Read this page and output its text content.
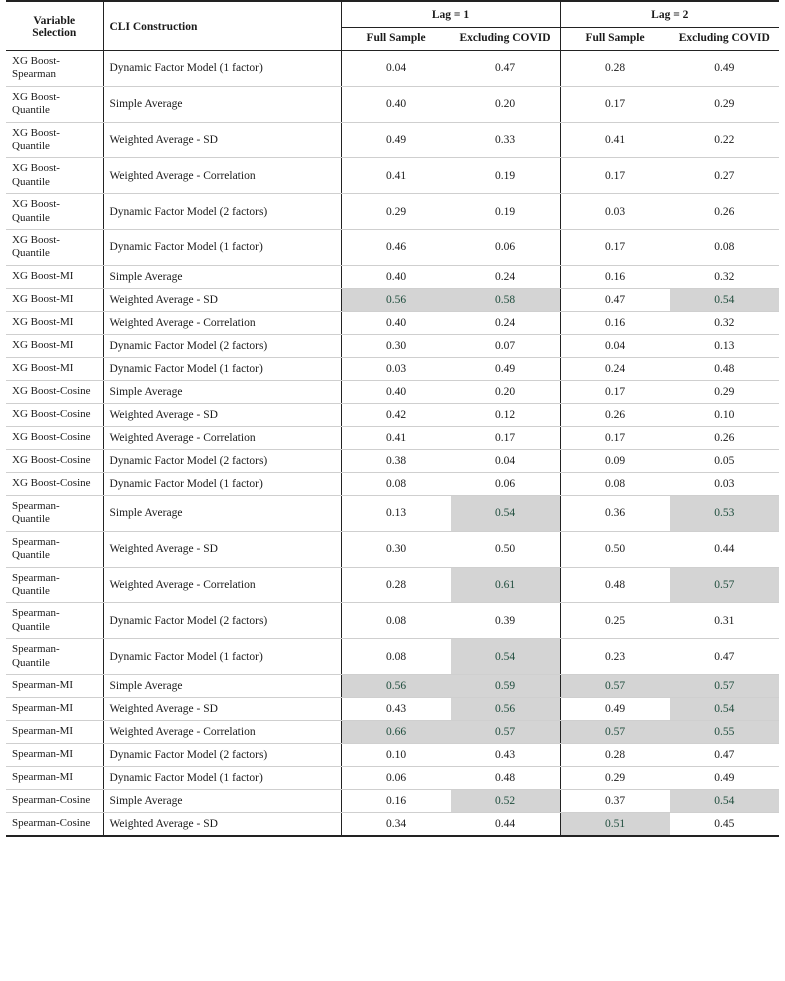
Variable Selection	CLI Construction	Lag = 1		Lag = 2	
		Full Sample	Excluding COVID	Full Sample	Excluding COVID
XG Boost-Spearman	Dynamic Factor Model (1 factor)	0.04	0.47	0.28	0.49

XG Boost-Quantile	Simple Average	0.40	0.20	0.17	0.29

XG Boost-Quantile	Weighted Average - SD	0.49	0.33	0.41	0.22

XG Boost-Quantile	Weighted Average - Correlation	0.41	0.19	0.17	0.27

XG Boost-Quantile	Dynamic Factor Model (2 factors)	0.29	0.19	0.03	0.26

XG Boost-Quantile	Dynamic Factor Model (1 factor)	0.46	0.06	0.17	0.08

XG Boost-MI	Simple Average	0.40	0.24	0.16	0.32

XG Boost-MI	Weighted Average - SD	0.56	0.58	0.47	0.54

XG Boost-MI	Weighted Average - Correlation	0.40	0.24	0.16	0.32

XG Boost-MI	Dynamic Factor Model (2 factors)	0.30	0.07	0.04	0.13

XG Boost-MI	Dynamic Factor Model (1 factor)	0.03	0.49	0.24	0.48

XG Boost-Cosine	Simple Average	0.40	0.20	0.17	0.29

XG Boost-Cosine	Weighted Average - SD	0.42	0.12	0.26	0.10

XG Boost-Cosine	Weighted Average - Correlation	0.41	0.17	0.17	0.26

XG Boost-Cosine	Dynamic Factor Model (2 factors)	0.38	0.04	0.09	0.05

XG Boost-Cosine	Dynamic Factor Model (1 factor)	0.08	0.06	0.08	0.03

Spearman-Quantile	Simple Average	0.13	0.54	0.36	0.53

Spearman-Quantile	Weighted Average - SD	0.30	0.50	0.50	0.44

Spearman-Quantile	Weighted Average - Correlation	0.28	0.61	0.48	0.57

Spearman-Quantile	Dynamic Factor Model (2 factors)	0.08	0.39	0.25	0.31

Spearman-Quantile	Dynamic Factor Model (1 factor)	0.08	0.54	0.23	0.47

Spearman-MI	Simple Average	0.56	0.59	0.57	0.57

Spearman-MI	Weighted Average - SD	0.43	0.56	0.49	0.54

Spearman-MI	Weighted Average - Correlation	0.66	0.57	0.57	0.55

Spearman-MI	Dynamic Factor Model (2 factors)	0.10	0.43	0.28	0.47

Spearman-MI	Dynamic Factor Model (1 factor)	0.06	0.48	0.29	0.49

Spearman-Cosine	Simple Average	0.16	0.52	0.37	0.54

Spearman-Cosine	Weighted Average - SD	0.34	0.44	0.51	0.45
